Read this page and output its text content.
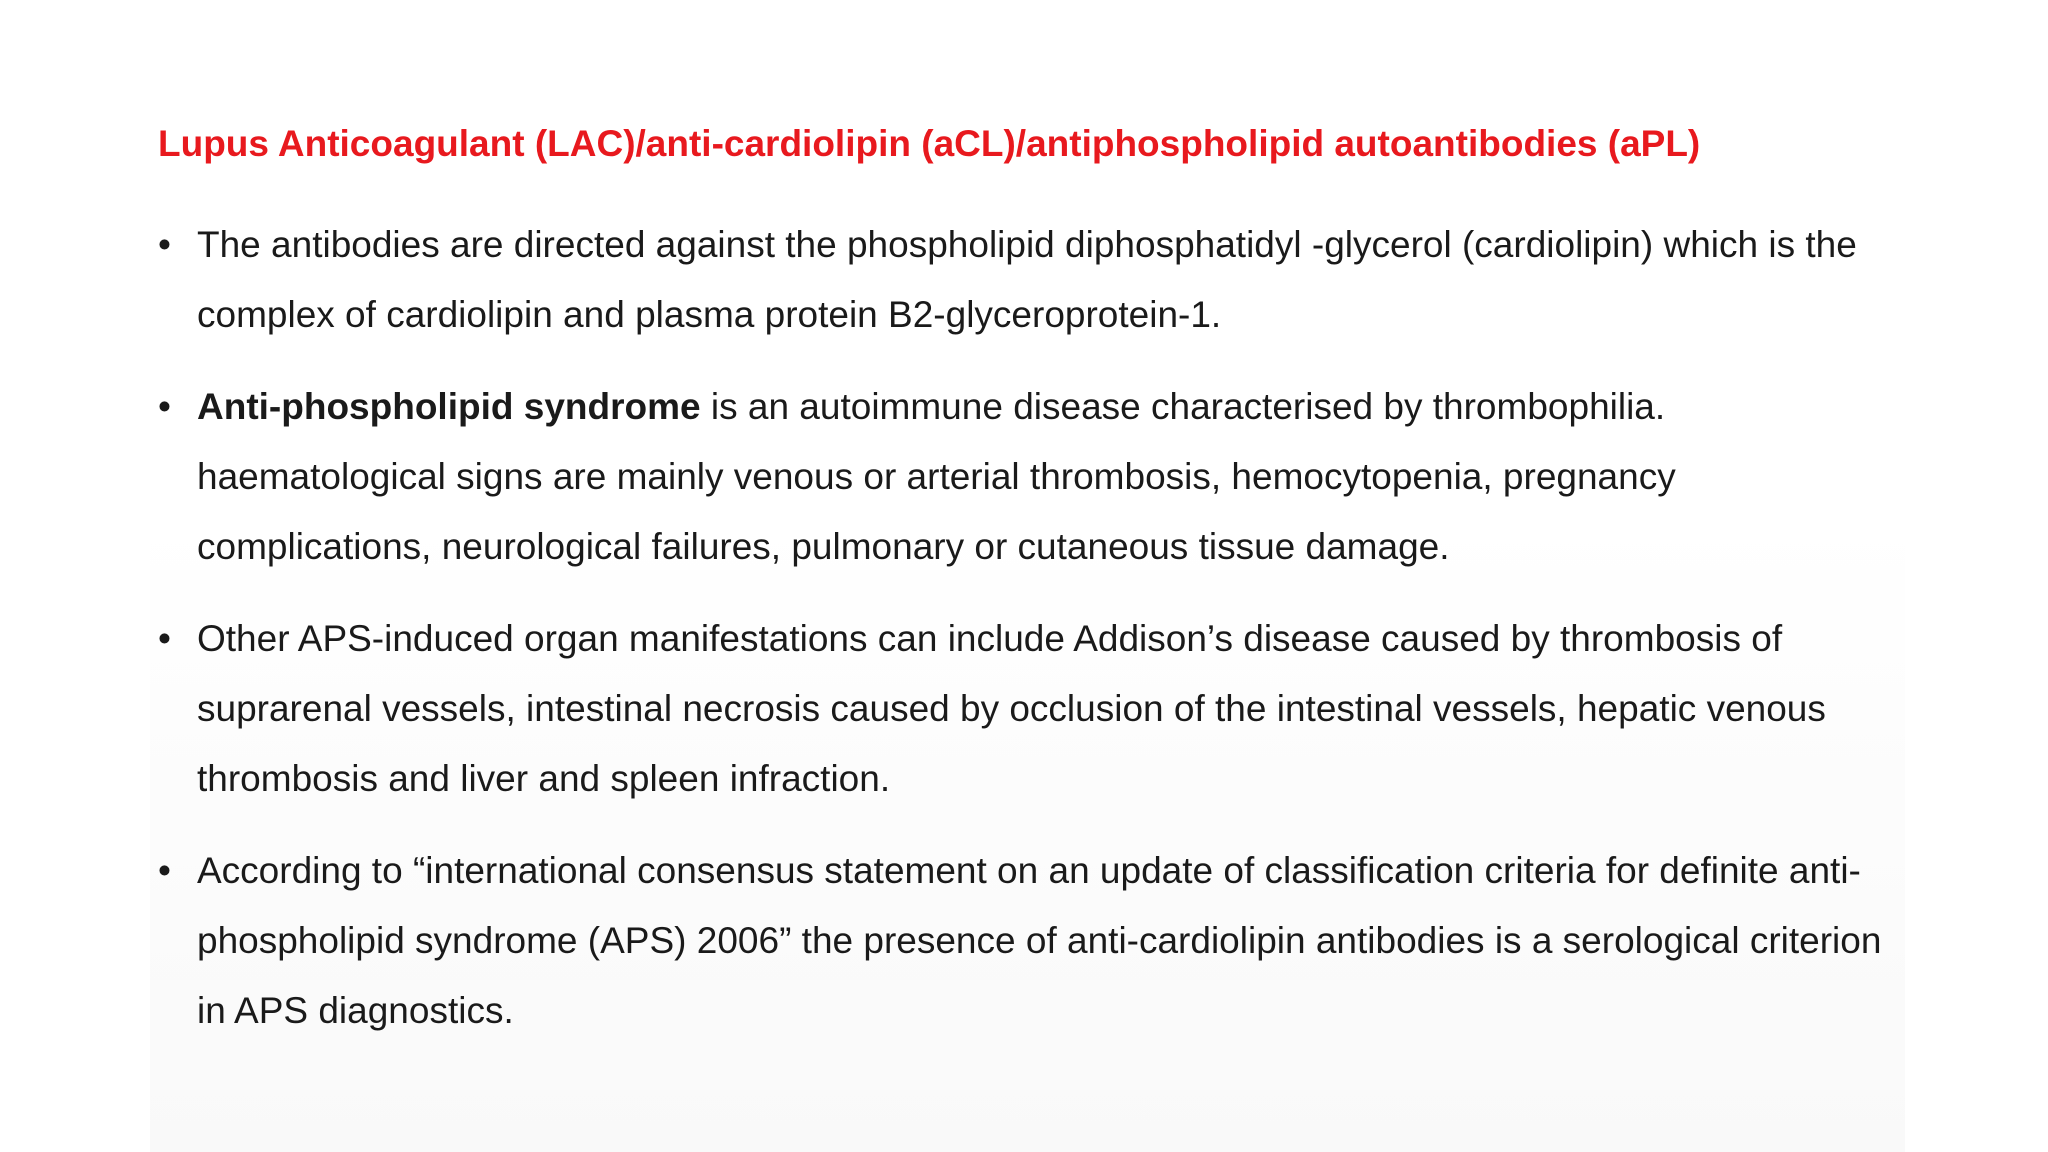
Lupus Anticoagulant (LAC)/anti-cardiolipin (aCL)/antiphospholipid autoantibodies (aPL)
• The antibodies are directed against the phospholipid diphosphatidyl -glycerol (cardiolipin) which is the complex of cardiolipin and plasma protein B2-glyceroprotein-1.
• Anti-phospholipid syndrome is an autoimmune disease characterised by thrombophilia. haematological signs are mainly venous or arterial thrombosis, hemocytopenia, pregnancy complications, neurological failures, pulmonary or cutaneous tissue damage.
• Other APS-induced organ manifestations can include Addison’s disease caused by thrombosis of suprarenal vessels, intestinal necrosis caused by occlusion of the intestinal vessels, hepatic venous thrombosis and liver and spleen infraction.
• According to “international consensus statement on an update of classification criteria for definite anti-phospholipid syndrome (APS) 2006” the presence of anti-cardiolipin antibodies is a serological criterion in APS diagnostics.
